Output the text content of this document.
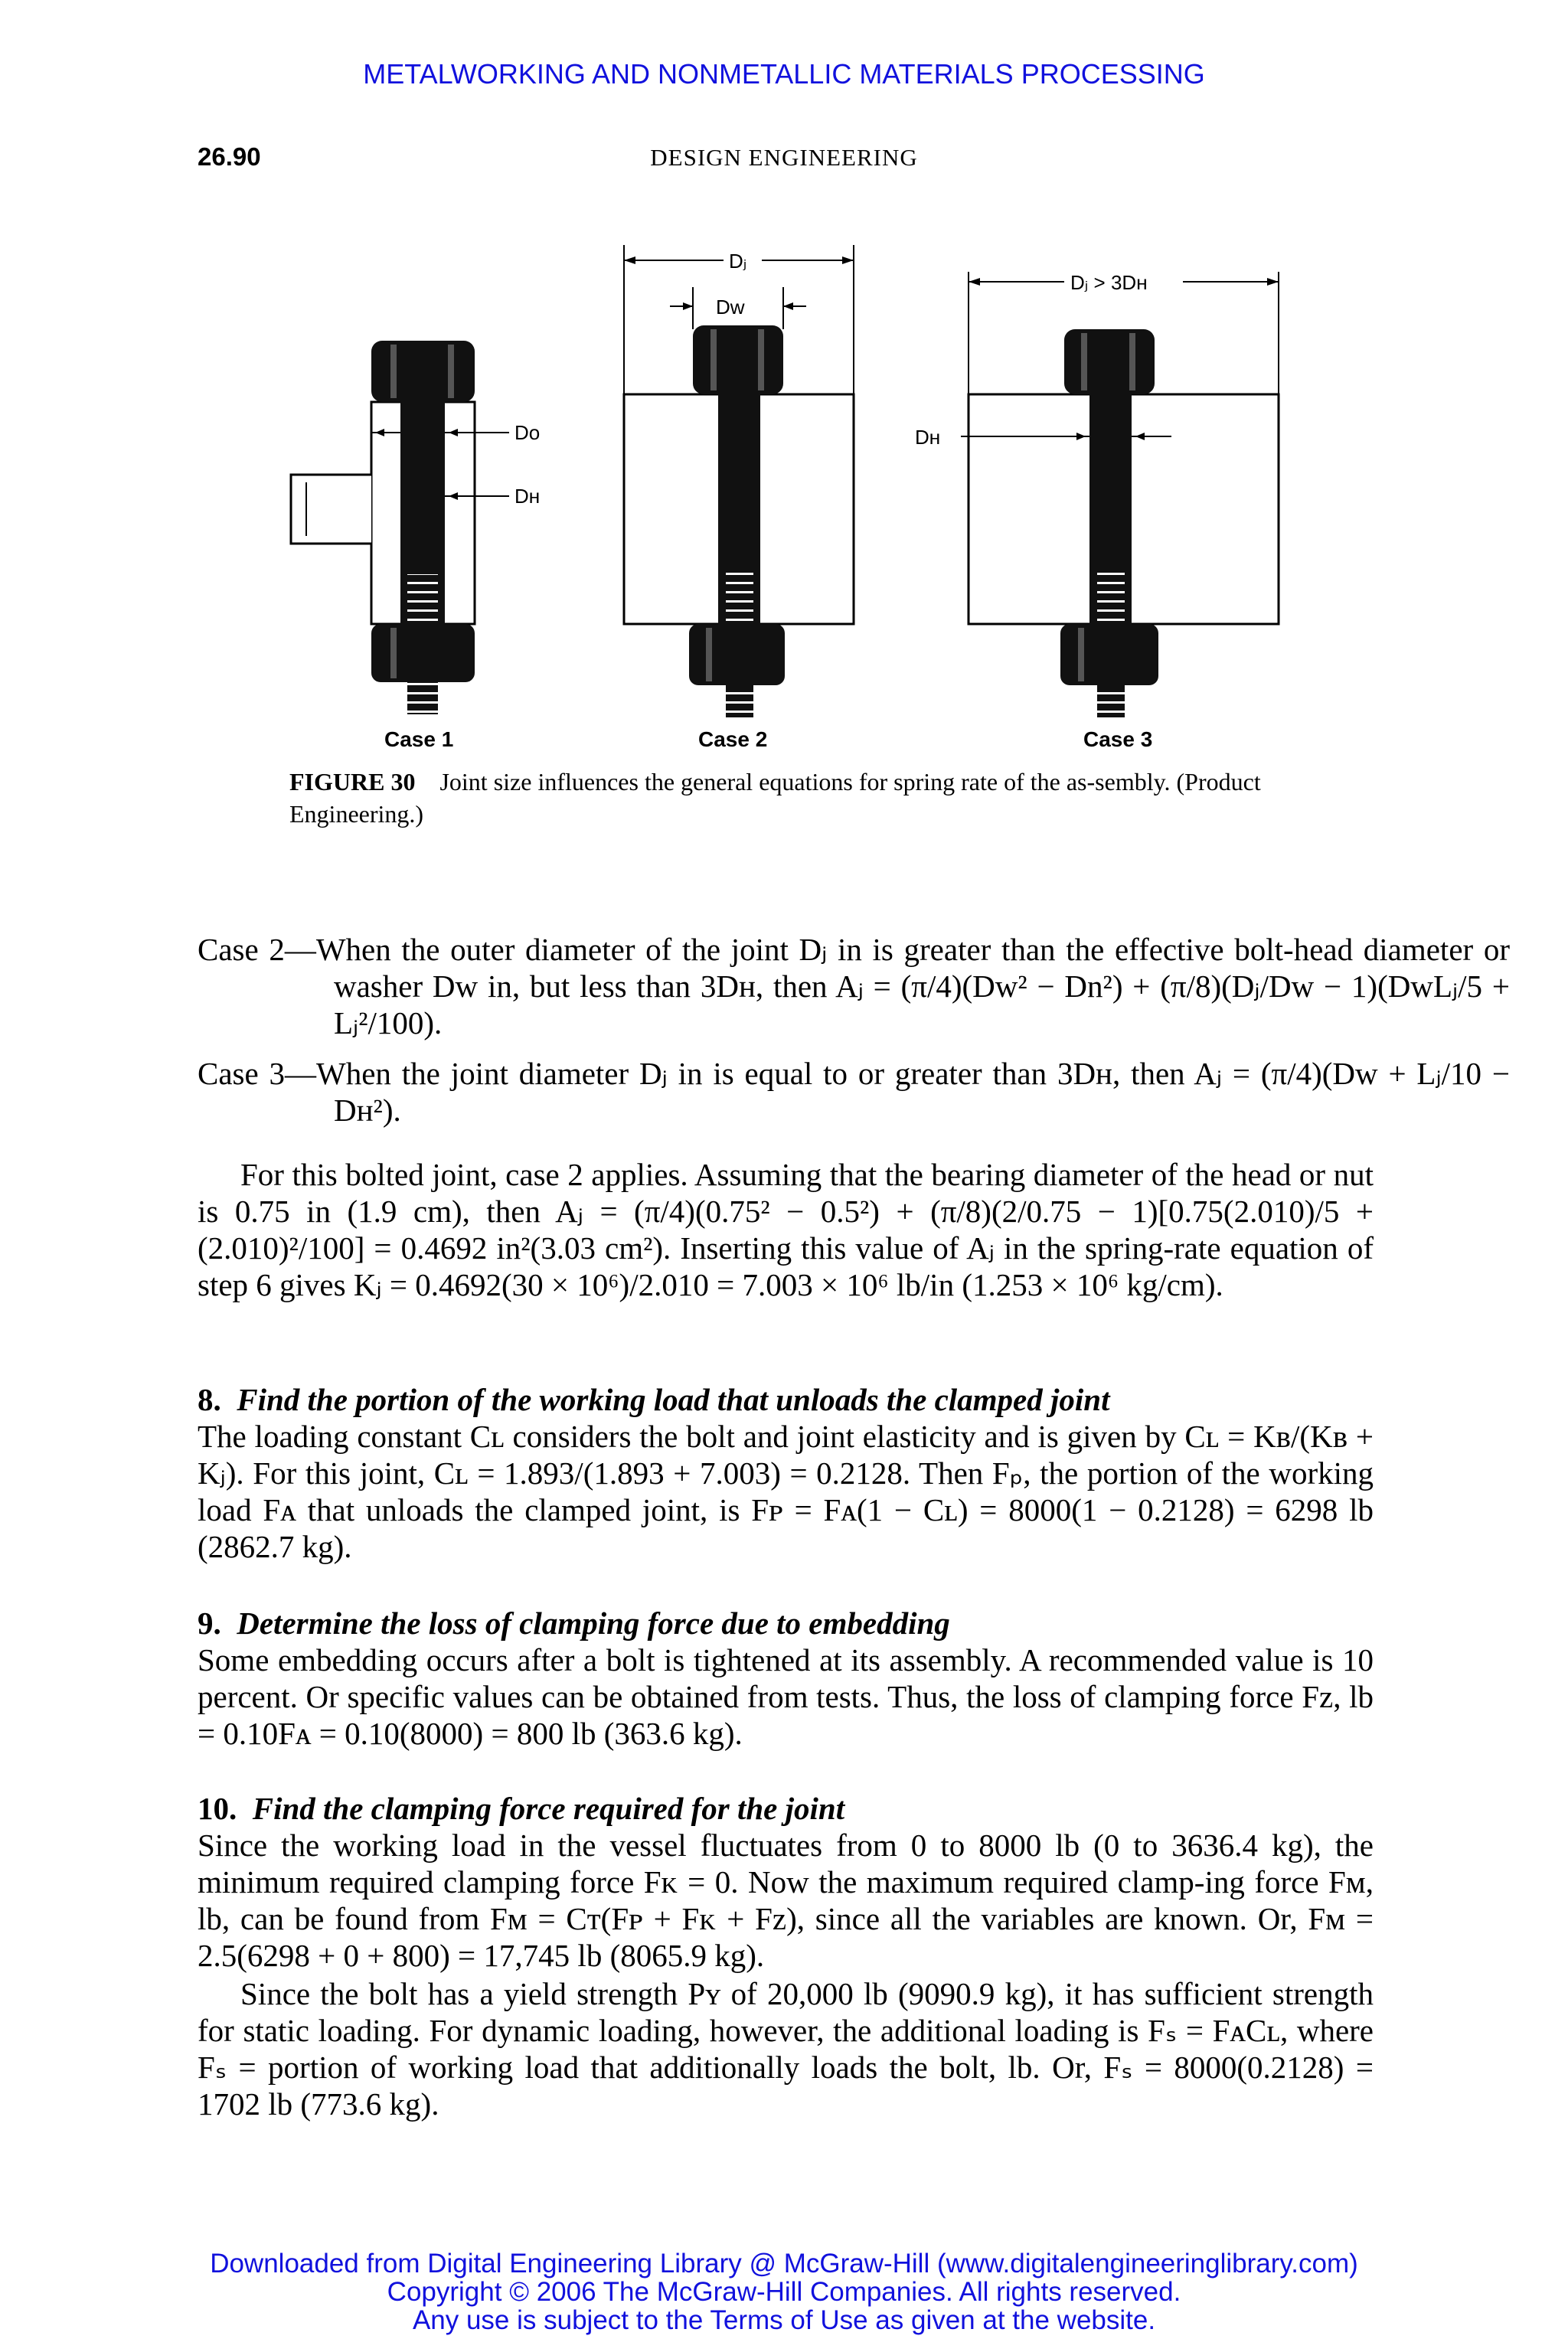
METALWORKING AND NONMETALLIC MATERIALS PROCESSING
26.90	DESIGN ENGINEERING
Do
Dʜ
Dⱼ
Dw
Dⱼ > 3Dʜ
Dʜ
Case 1	Case 2	Case 3
FIGURE 30 Joint size influences the general equations for spring rate of the as-sembly. (Product Engineering.)
Case 2—When the outer diameter of the joint Dⱼ in is greater than the effective bolt-head diameter or washer Dw in, but less than 3Dʜ, then Aⱼ = (π/4)(Dw² − Dn²) + (π/8)(Dⱼ/Dw − 1)(DwLⱼ/5 + Lⱼ²/100).
Case 3—When the joint diameter Dⱼ in is equal to or greater than 3Dʜ, then Aⱼ = (π/4)(Dw + Lⱼ/10 − Dʜ²).
For this bolted joint, case 2 applies. Assuming that the bearing diameter of the head or nut is 0.75 in (1.9 cm), then Aⱼ = (π/4)(0.75² − 0.5²) + (π/8)(2/0.75 − 1)[0.75(2.010)/5 + (2.010)²/100] = 0.4692 in²(3.03 cm²). Inserting this value of Aⱼ in the spring-rate equation of step 6 gives Kⱼ = 0.4692(30 × 10⁶)/2.010 = 7.003 × 10⁶ lb/in (1.253 × 10⁶ kg/cm).
8. Find the portion of the working load that unloads the clamped joint
The loading constant Cʟ considers the bolt and joint elasticity and is given by Cʟ = Kʙ/(Kʙ + Kⱼ). For this joint, Cʟ = 1.893/(1.893 + 7.003) = 0.2128. Then Fₚ, the portion of the working load Fᴀ that unloads the clamped joint, is Fᴘ = Fᴀ(1 − Cʟ) = 8000(1 − 0.2128) = 6298 lb (2862.7 kg).
9. Determine the loss of clamping force due to embedding
Some embedding occurs after a bolt is tightened at its assembly. A recommended value is 10 percent. Or specific values can be obtained from tests. Thus, the loss of clamping force Fᴢ, lb = 0.10Fᴀ = 0.10(8000) = 800 lb (363.6 kg).
10. Find the clamping force required for the joint
Since the working load in the vessel fluctuates from 0 to 8000 lb (0 to 3636.4 kg), the minimum required clamping force Fᴋ = 0. Now the maximum required clamp-ing force Fᴍ, lb, can be found from Fᴍ = Cᴛ(Fᴘ + Fᴋ + Fᴢ), since all the variables are known. Or, Fᴍ = 2.5(6298 + 0 + 800) = 17,745 lb (8065.9 kg).
Since the bolt has a yield strength Pʏ of 20,000 lb (9090.9 kg), it has sufficient strength for static loading. For dynamic loading, however, the additional loading is Fₛ = FᴀCʟ, where Fₛ = portion of working load that additionally loads the bolt, lb. Or, Fₛ = 8000(0.2128) = 1702 lb (773.6 kg).
Downloaded from Digital Engineering Library @ McGraw-Hill (www.digitalengineeringlibrary.com)
Copyright © 2006 The McGraw-Hill Companies. All rights reserved.
Any use is subject to the Terms of Use as given at the website.
